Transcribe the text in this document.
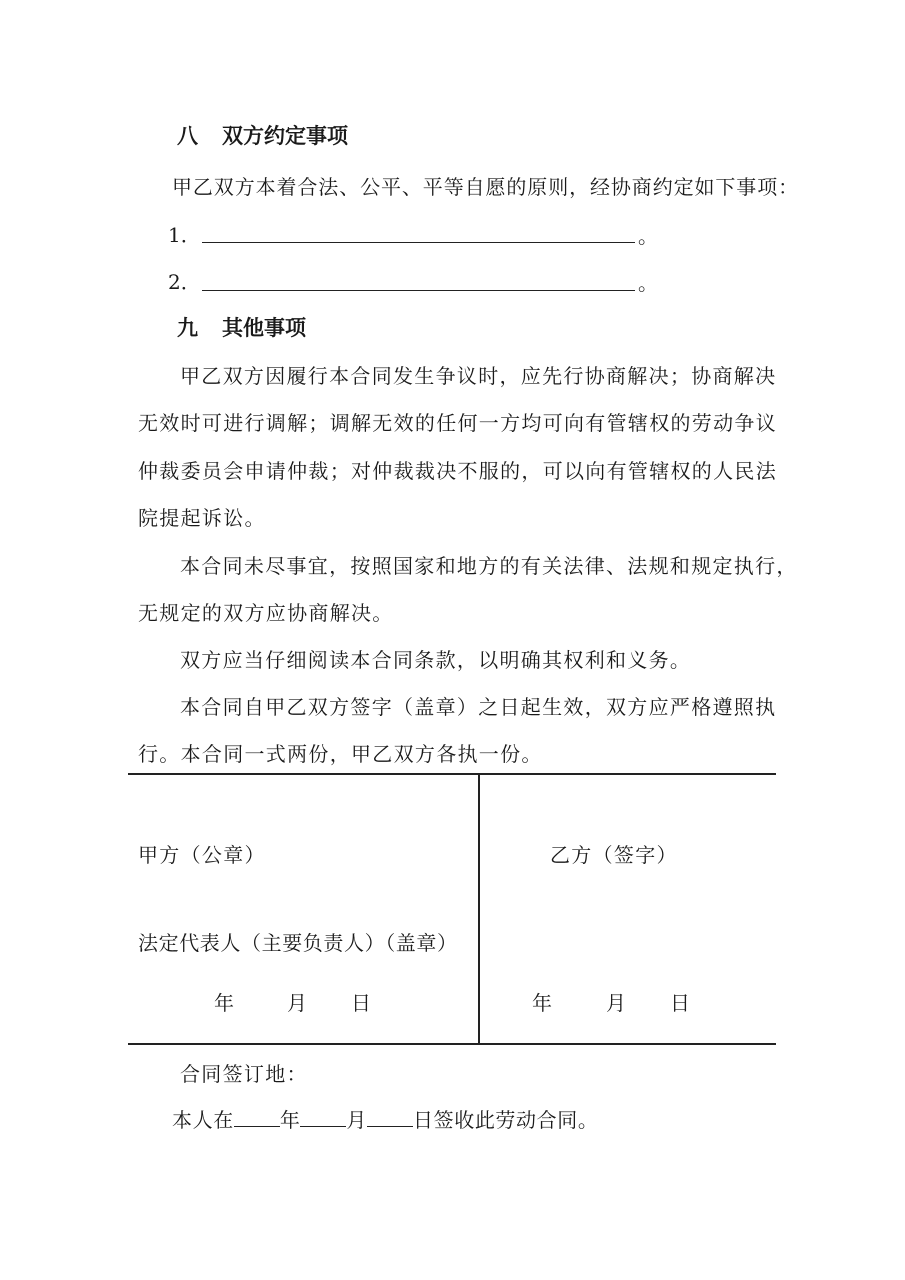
八 双方约定事项
甲乙双方本着合法、公平、平等自愿的原则，经协商约定如下事项：
1．	。
2．	。
九 其他事项
甲乙双方因履行本合同发生争议时，应先行协商解决；协商解决
无效时可进行调解；调解无效的任何一方均可向有管辖权的劳动争议
仲裁委员会申请仲裁；对仲裁裁决不服的，可以向有管辖权的人民法
院提起诉讼。
本合同未尽事宜，按照国家和地方的有关法律、法规和规定执行，
无规定的双方应协商解决。
双方应当仔细阅读本合同条款，以明确其权利和义务。
本合同自甲乙双方签字（盖章）之日起生效，双方应严格遵照执
行。本合同一式两份，甲乙双方各执一份。
甲方（公章）
法定代表人（主要负责人）（盖章）
年	月 日
乙方（签字）
年	月 日
合同签订地：
本人在 年 月 日签收此劳动合同。
